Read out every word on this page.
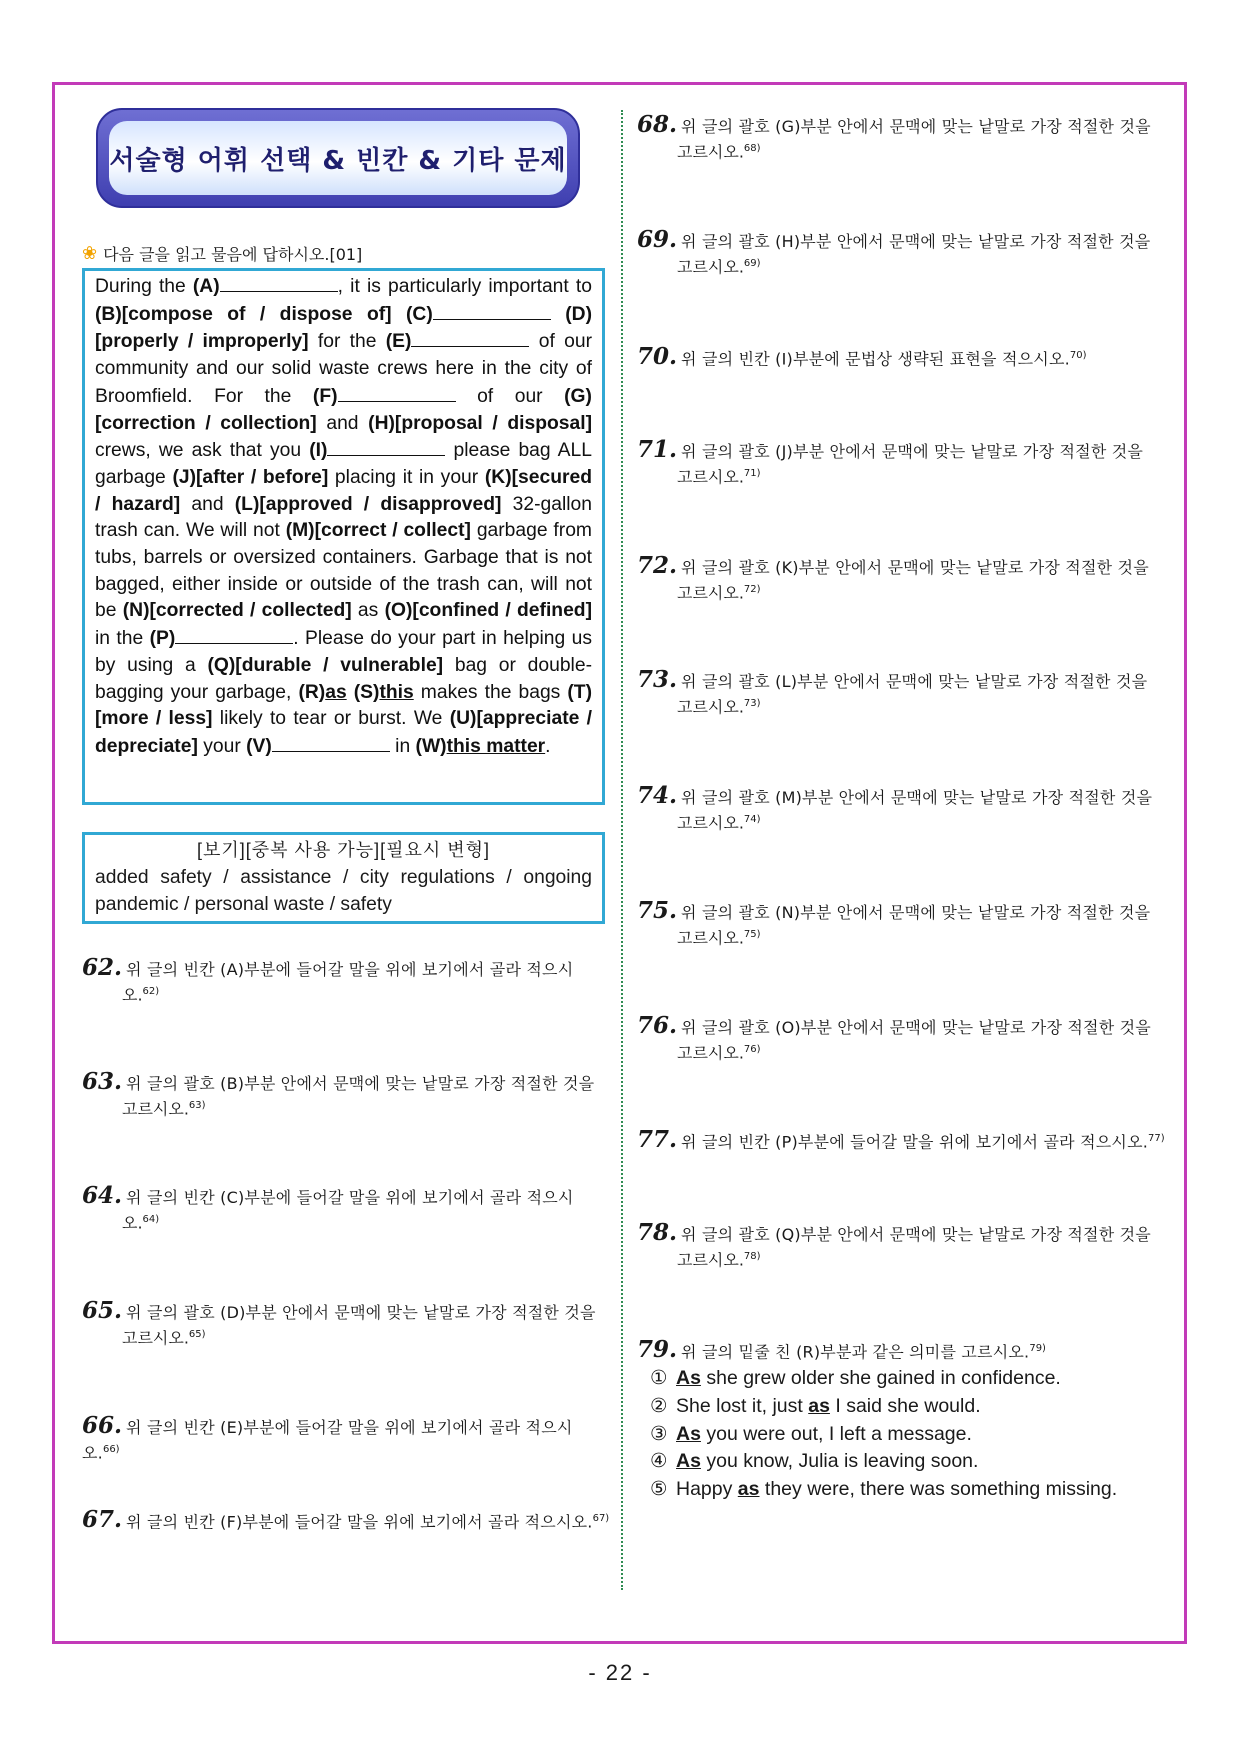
서술형 어휘 선택 & 빈칸 & 기타 문제
❀ 다음 글을 읽고 물음에 답하시오.[01]
During the (A)	, it is particularly important to (B)[compose of / dispose of] (C)	(D)[properly / improperly] for the (E)	of our community and our solid waste crews here in the city of Broomfield. For the (F)	of our (G)[correction / collection] and (H)[proposal / disposal] crews, we ask that you (I)	please bag ALL garbage (J)[after / before] placing it in your (K)[secured / hazard] and (L)[approved / disapproved] 32-gallon trash can. We will not (M)[correct / collect] garbage from tubs, barrels or oversized containers. Garbage that is not bagged, either inside or outside of the trash can, will not be (N)[corrected / collected] as (O)[confined / defined] in the (P)	. Please do your part in helping us by using a (Q)[durable / vulnerable] bag or double-bagging your garbage, (R)as (S)this makes the bags (T)[more / less] likely to tear or burst. We (U)[appreciate / depreciate] your (V)	in (W)this matter.
[보기][중복 사용 가능][필요시 변형]
added safety / assistance / city regulations / ongoing pandemic / personal waste / safety
62. 위 글의 빈칸 (A)부분에 들어갈 말을 위에 보기에서 골라 적으시
오.$^{62)}$
63. 위 글의 괄호 (B)부분 안에서 문맥에 맞는 낱말로 가장 적절한 것을
고르시오.$^{63)}$
64. 위 글의 빈칸 (C)부분에 들어갈 말을 위에 보기에서 골라 적으시
오.$^{64)}$
65. 위 글의 괄호 (D)부분 안에서 문맥에 맞는 낱말로 가장 적절한 것을
고르시오.$^{65)}$
66. 위 글의 빈칸 (E)부분에 들어갈 말을 위에 보기에서 골라 적으시오.$^{66)}$
67. 위 글의 빈칸 (F)부분에 들어갈 말을 위에 보기에서 골라 적으시오.$^{67)}$
68. 위 글의 괄호 (G)부분 안에서 문맥에 맞는 낱말로 가장 적절한 것을
고르시오.$^{68)}$
69. 위 글의 괄호 (H)부분 안에서 문맥에 맞는 낱말로 가장 적절한 것을
고르시오.$^{69)}$
70. 위 글의 빈칸 (I)부분에 문법상 생략된 표현을 적으시오.$^{70)}$
71. 위 글의 괄호 (J)부분 안에서 문맥에 맞는 낱말로 가장 적절한 것을
고르시오.$^{71)}$
72. 위 글의 괄호 (K)부분 안에서 문맥에 맞는 낱말로 가장 적절한 것을
고르시오.$^{72)}$
73. 위 글의 괄호 (L)부분 안에서 문맥에 맞는 낱말로 가장 적절한 것을
고르시오.$^{73)}$
74. 위 글의 괄호 (M)부분 안에서 문맥에 맞는 낱말로 가장 적절한 것을
고르시오.$^{74)}$
75. 위 글의 괄호 (N)부분 안에서 문맥에 맞는 낱말로 가장 적절한 것을
고르시오.$^{75)}$
76. 위 글의 괄호 (O)부분 안에서 문맥에 맞는 낱말로 가장 적절한 것을
고르시오.$^{76)}$
77. 위 글의 빈칸 (P)부분에 들어갈 말을 위에 보기에서 골라 적으시오.$^{77)}$
78. 위 글의 괄호 (Q)부분 안에서 문맥에 맞는 낱말로 가장 적절한 것을
고르시오.$^{78)}$
79. 위 글의 밑줄 친 (R)부분과 같은 의미를 고르시오.$^{79)}$
① As she grew older she gained in confidence.
② She lost it, just as I said she would.
③ As you were out, I left a message.
④ As you know, Julia is leaving soon.
⑤ Happy as they were, there was something missing.
- 22 -
